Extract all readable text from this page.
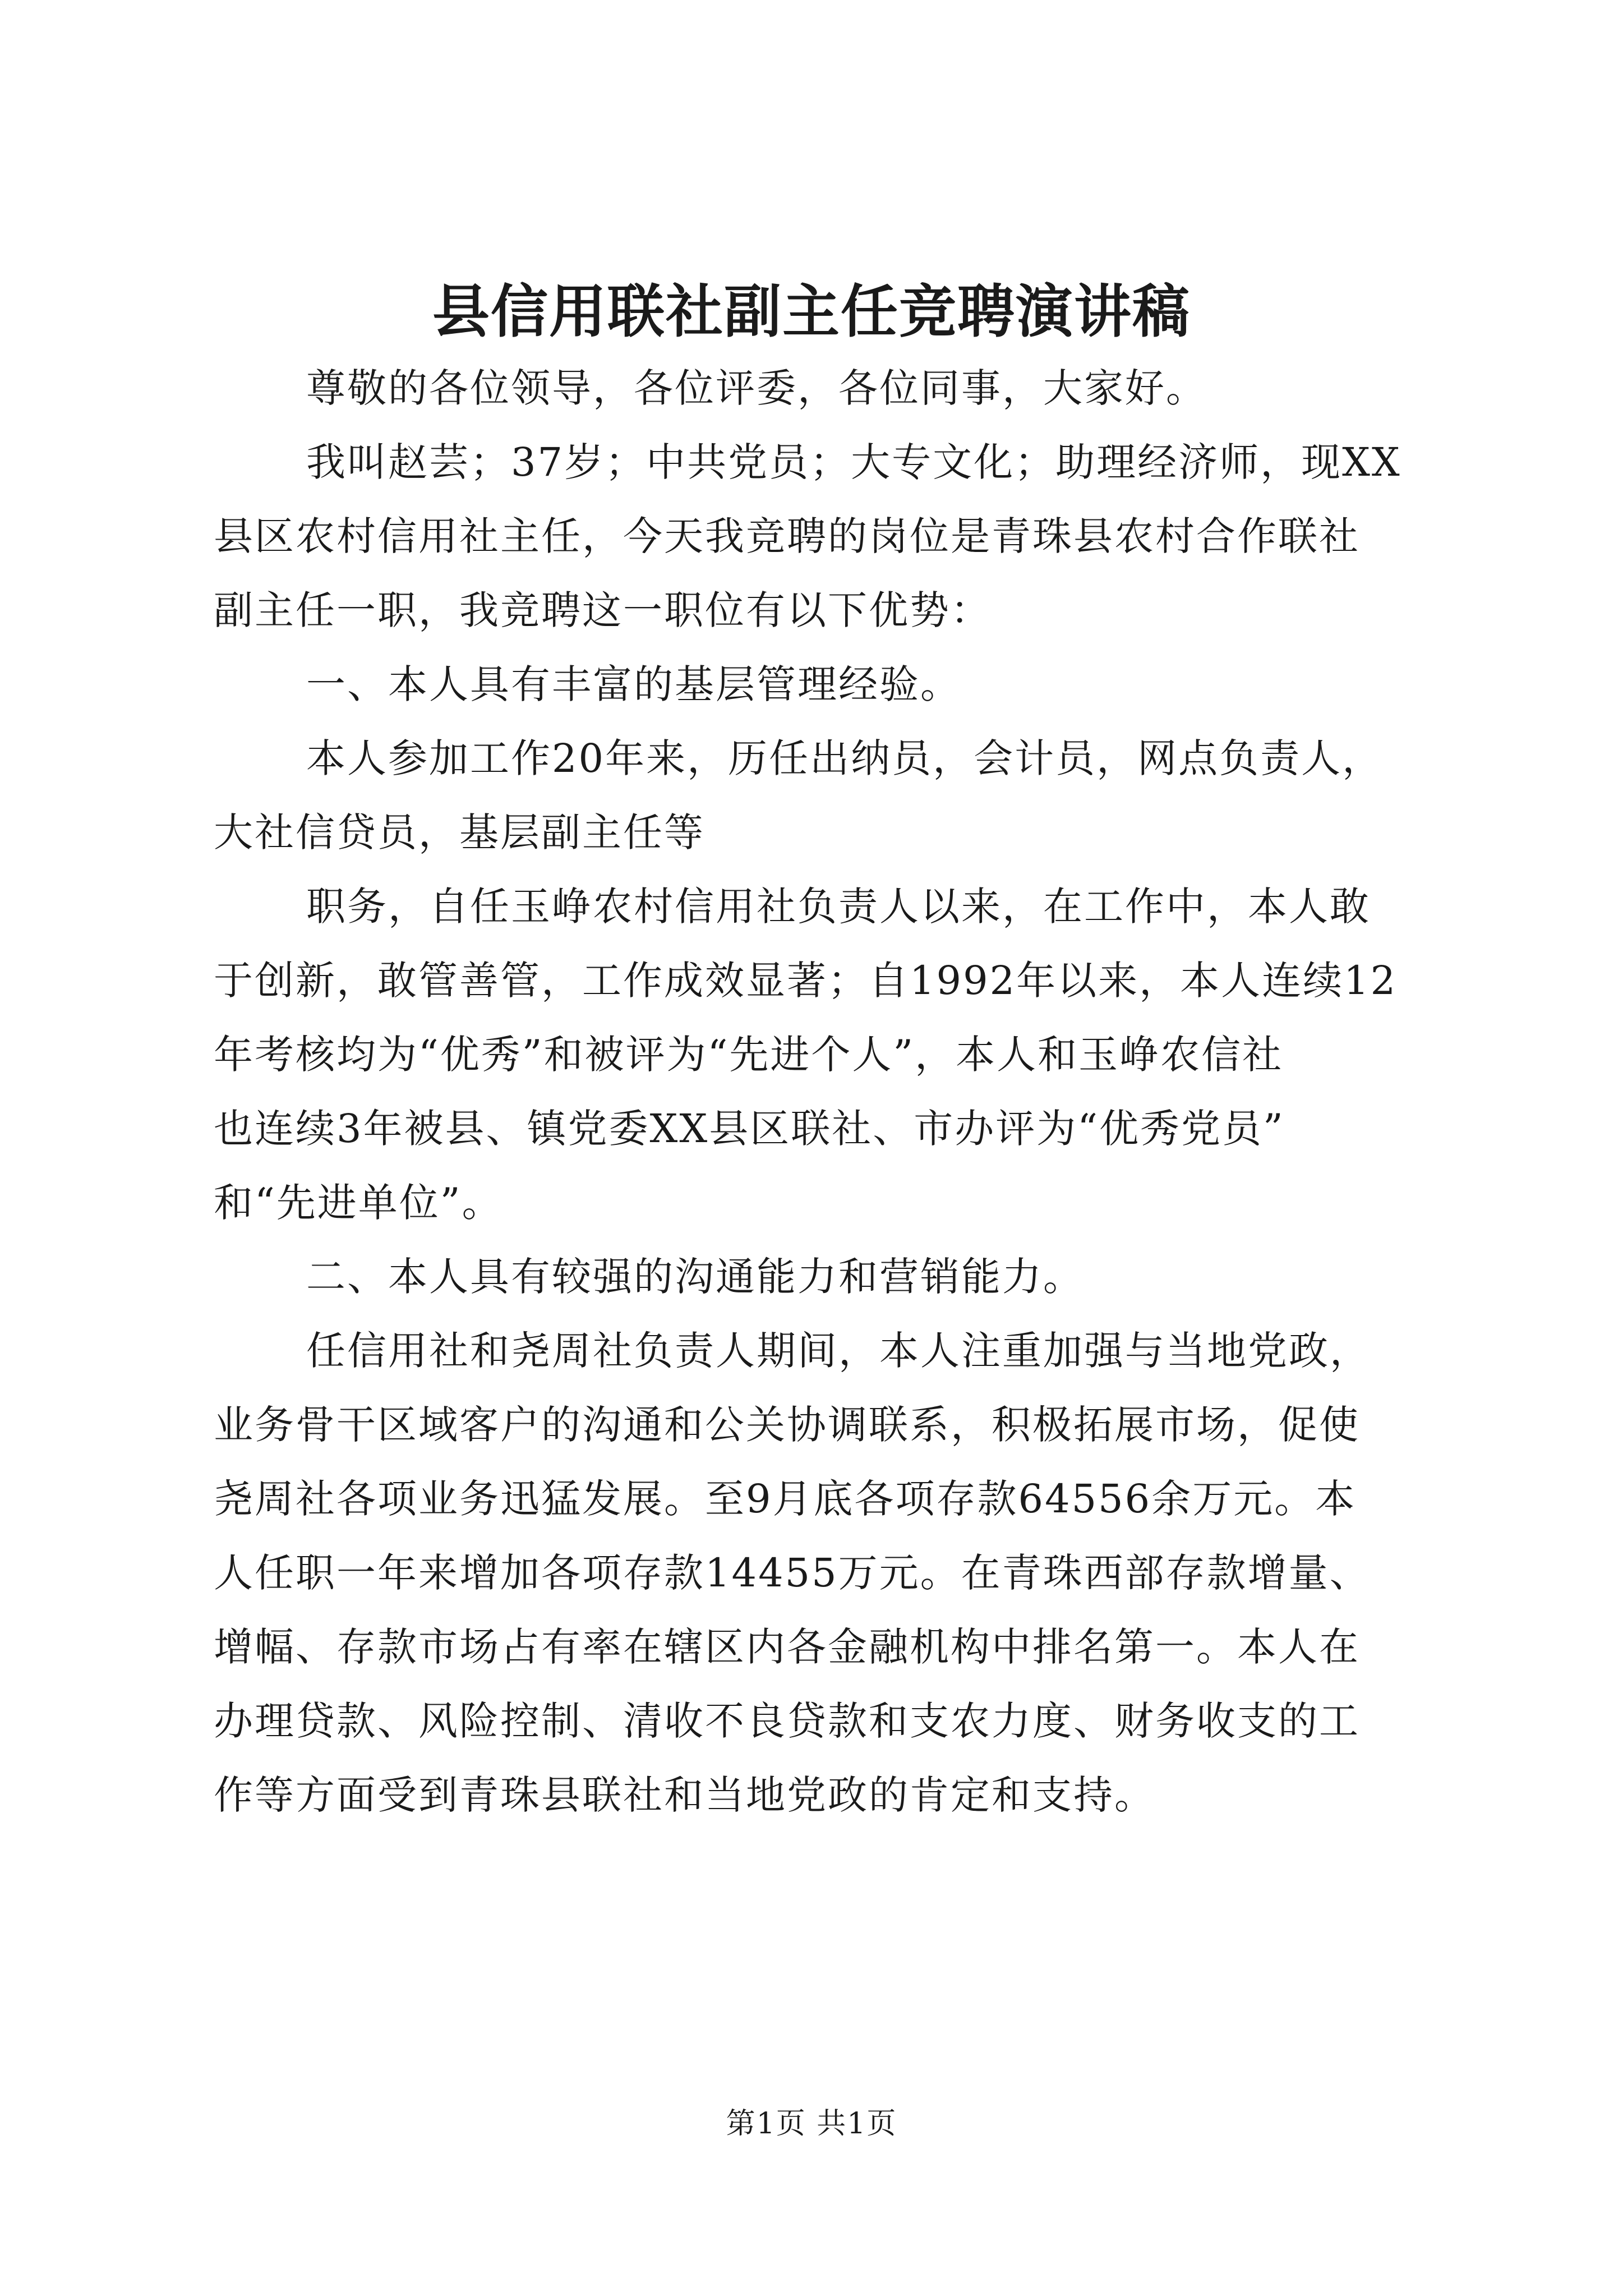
县信用联社副主任竞聘演讲稿

尊敬的各位领导，各位评委，各位同事，大家好。

我叫赵芸；37岁；中共党员；大专文化；助理经济师，现XX

县区农村信用社主任，今天我竞聘的岗位是青珠县农村合作联社

副主任一职，我竞聘这一职位有以下优势：

一、本人具有丰富的基层管理经验。

本人参加工作20年来，历任出纳员，会计员，网点负责人，

大社信贷员，基层副主任等

职务，自任玉峥农村信用社负责人以来，在工作中，本人敢

于创新，敢管善管，工作成效显著；自1992年以来，本人连续12

年考核均为“优秀”和被评为“先进个人”，本人和玉峥农信社

也连续3年被县、镇党委XX县区联社、市办评为“优秀党员”

和“先进单位”。

二、本人具有较强的沟通能力和营销能力。

任信用社和尧周社负责人期间，本人注重加强与当地党政，

业务骨干区域客户的沟通和公关协调联系，积极拓展市场，促使

尧周社各项业务迅猛发展。至9月底各项存款64556余万元。本

人任职一年来增加各项存款14455万元。在青珠西部存款增量、

增幅、存款市场占有率在辖区内各金融机构中排名第一。本人在

办理贷款、风险控制、清收不良贷款和支农力度、财务收支的工

作等方面受到青珠县联社和当地党政的肯定和支持。

第1页 共1页
